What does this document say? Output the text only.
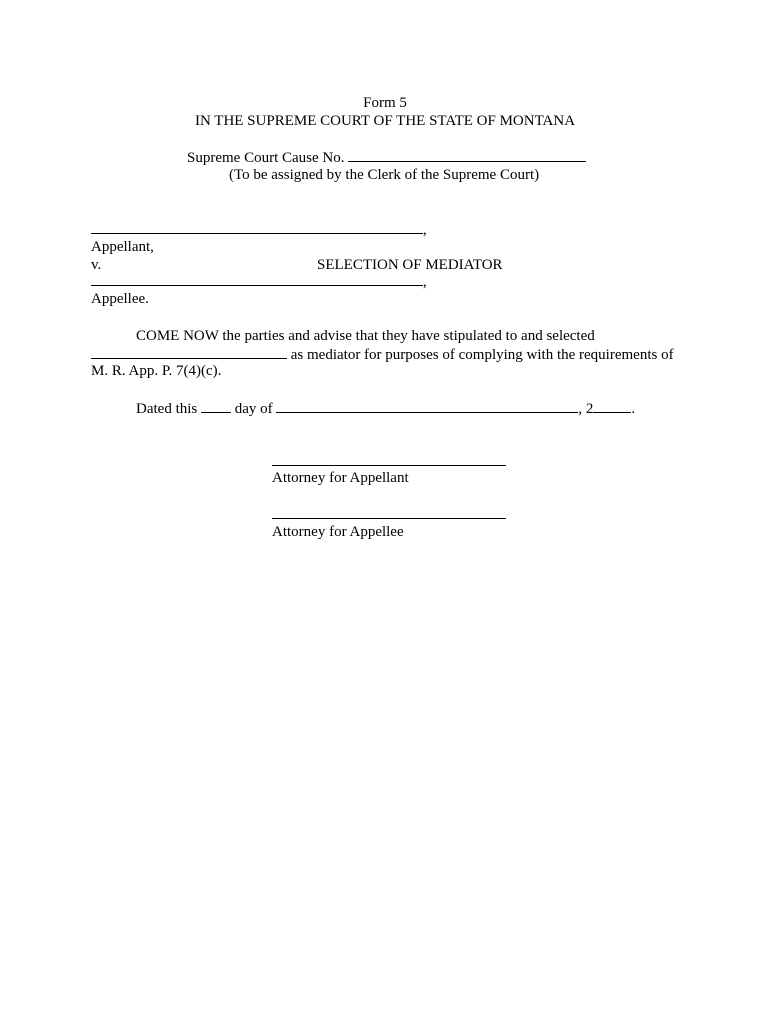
Form 5
IN THE SUPREME COURT OF THE STATE OF MONTANA
Supreme Court Cause No.
(To be assigned by the Clerk of the Supreme Court)
,
Appellant,
v.	SELECTION OF MEDIATOR
,
Appellee.
COME NOW the parties and advise that they have stipulated to and selected
as mediator for purposes of complying with the requirements of
M. R. App. P. 7(4)(c).
Dated this  day of	, 2	.
Attorney for Appellant
Attorney for Appellee
